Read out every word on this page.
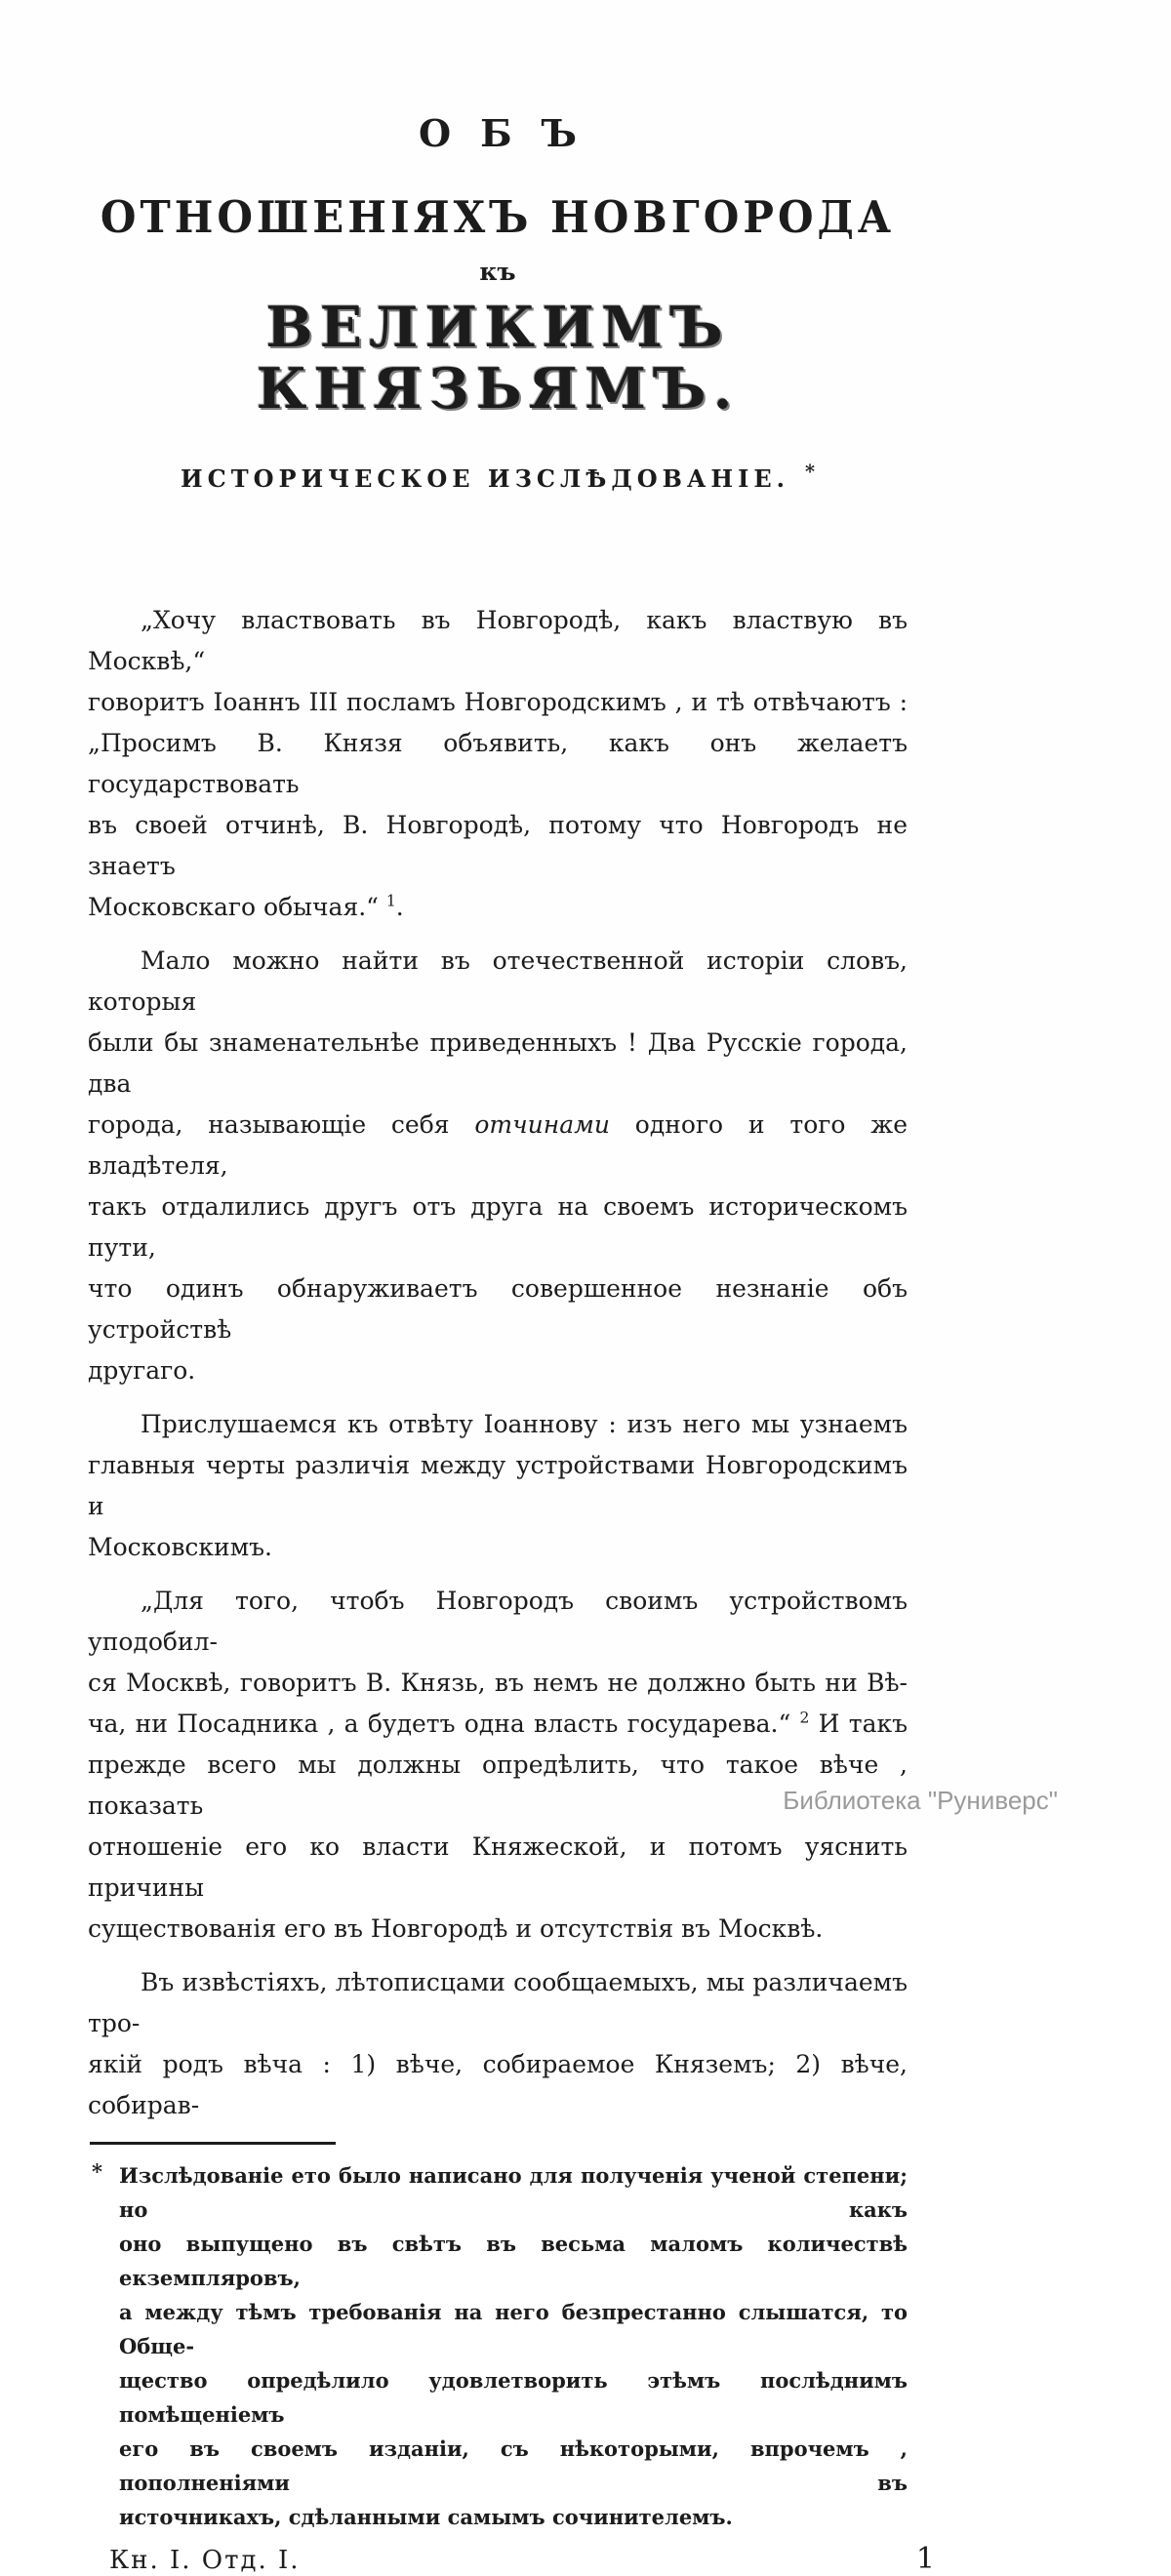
ОБЪ
ОТНОШЕНІЯХЪ НОВГОРОДА
къ
ВЕЛИКИМЪ КНЯЗЬЯМЪ.
ИСТОРИЧЕСКОЕ ИЗСЛѢДОВАНІЕ. *
„Хочу властвовать въ Новгородѣ, какъ властвую въ Москвѣ,“
говоритъ Іоаннъ III посламъ Новгородскимъ , и тѣ отвѣчаютъ :
„Просимъ В. Князя объявить, какъ онъ желаетъ государствовать
въ своей отчинѣ, В. Новгородѣ, потому что Новгородъ не знаетъ
Московскаго обычая.“ $^1$.
Мало можно найти въ отечественной исторіи словъ, которыя
были бы знаменательнѣе приведенныхъ ! Два Русскіе города, два
города, называющіе себя отчинами одного и того же владѣтеля,
такъ отдалились другъ отъ друга на своемъ историческомъ пути,
что одинъ обнаруживаетъ совершенное незнаніе объ устройствѣ
другаго.
Прислушаемся къ отвѣту Іоаннову : изъ него мы узнаемъ
главныя черты различія между устройствами Новгородскимъ и
Московскимъ.
„Для того, чтобъ Новгородъ своимъ устройствомъ уподобил-
ся Москвѣ, говоритъ В. Князь, въ немъ не должно быть ни Вѣ-
ча, ни Посадника , а будетъ одна власть государева.“ $^2$ И такъ
прежде всего мы должны опредѣлить, что такое вѣче , показать
отношеніе его ко власти Княжеской, и потомъ уяснить причины
существованія его въ Новгородѣ и отсутствія въ Москвѣ.
Въ извѣстіяхъ, лѣтописцами сообщаемыхъ, мы различаемъ тро-
якій родъ вѣча : 1) вѣче, собираемое Княземъ; 2) вѣче, собирав-
* Изслѣдованіе ето было написано для полученія ученой степени; но какъ
оно выпущено въ свѣтъ въ весьма маломъ количествѣ екземпляровъ,
а между тѣмъ требованія на него безпрестанно слышатся, то Обще-
щество опредѣлило удовлетворить этѣмъ послѣднимъ помѣщеніемъ
его въ своемъ изданіи, съ нѣкоторыми, впрочемъ , пополненіями въ
источникахъ, сдѣланными самымъ сочинителемъ.
Кн. I. Отд. I.	1
Библиотека "Руниверс"
